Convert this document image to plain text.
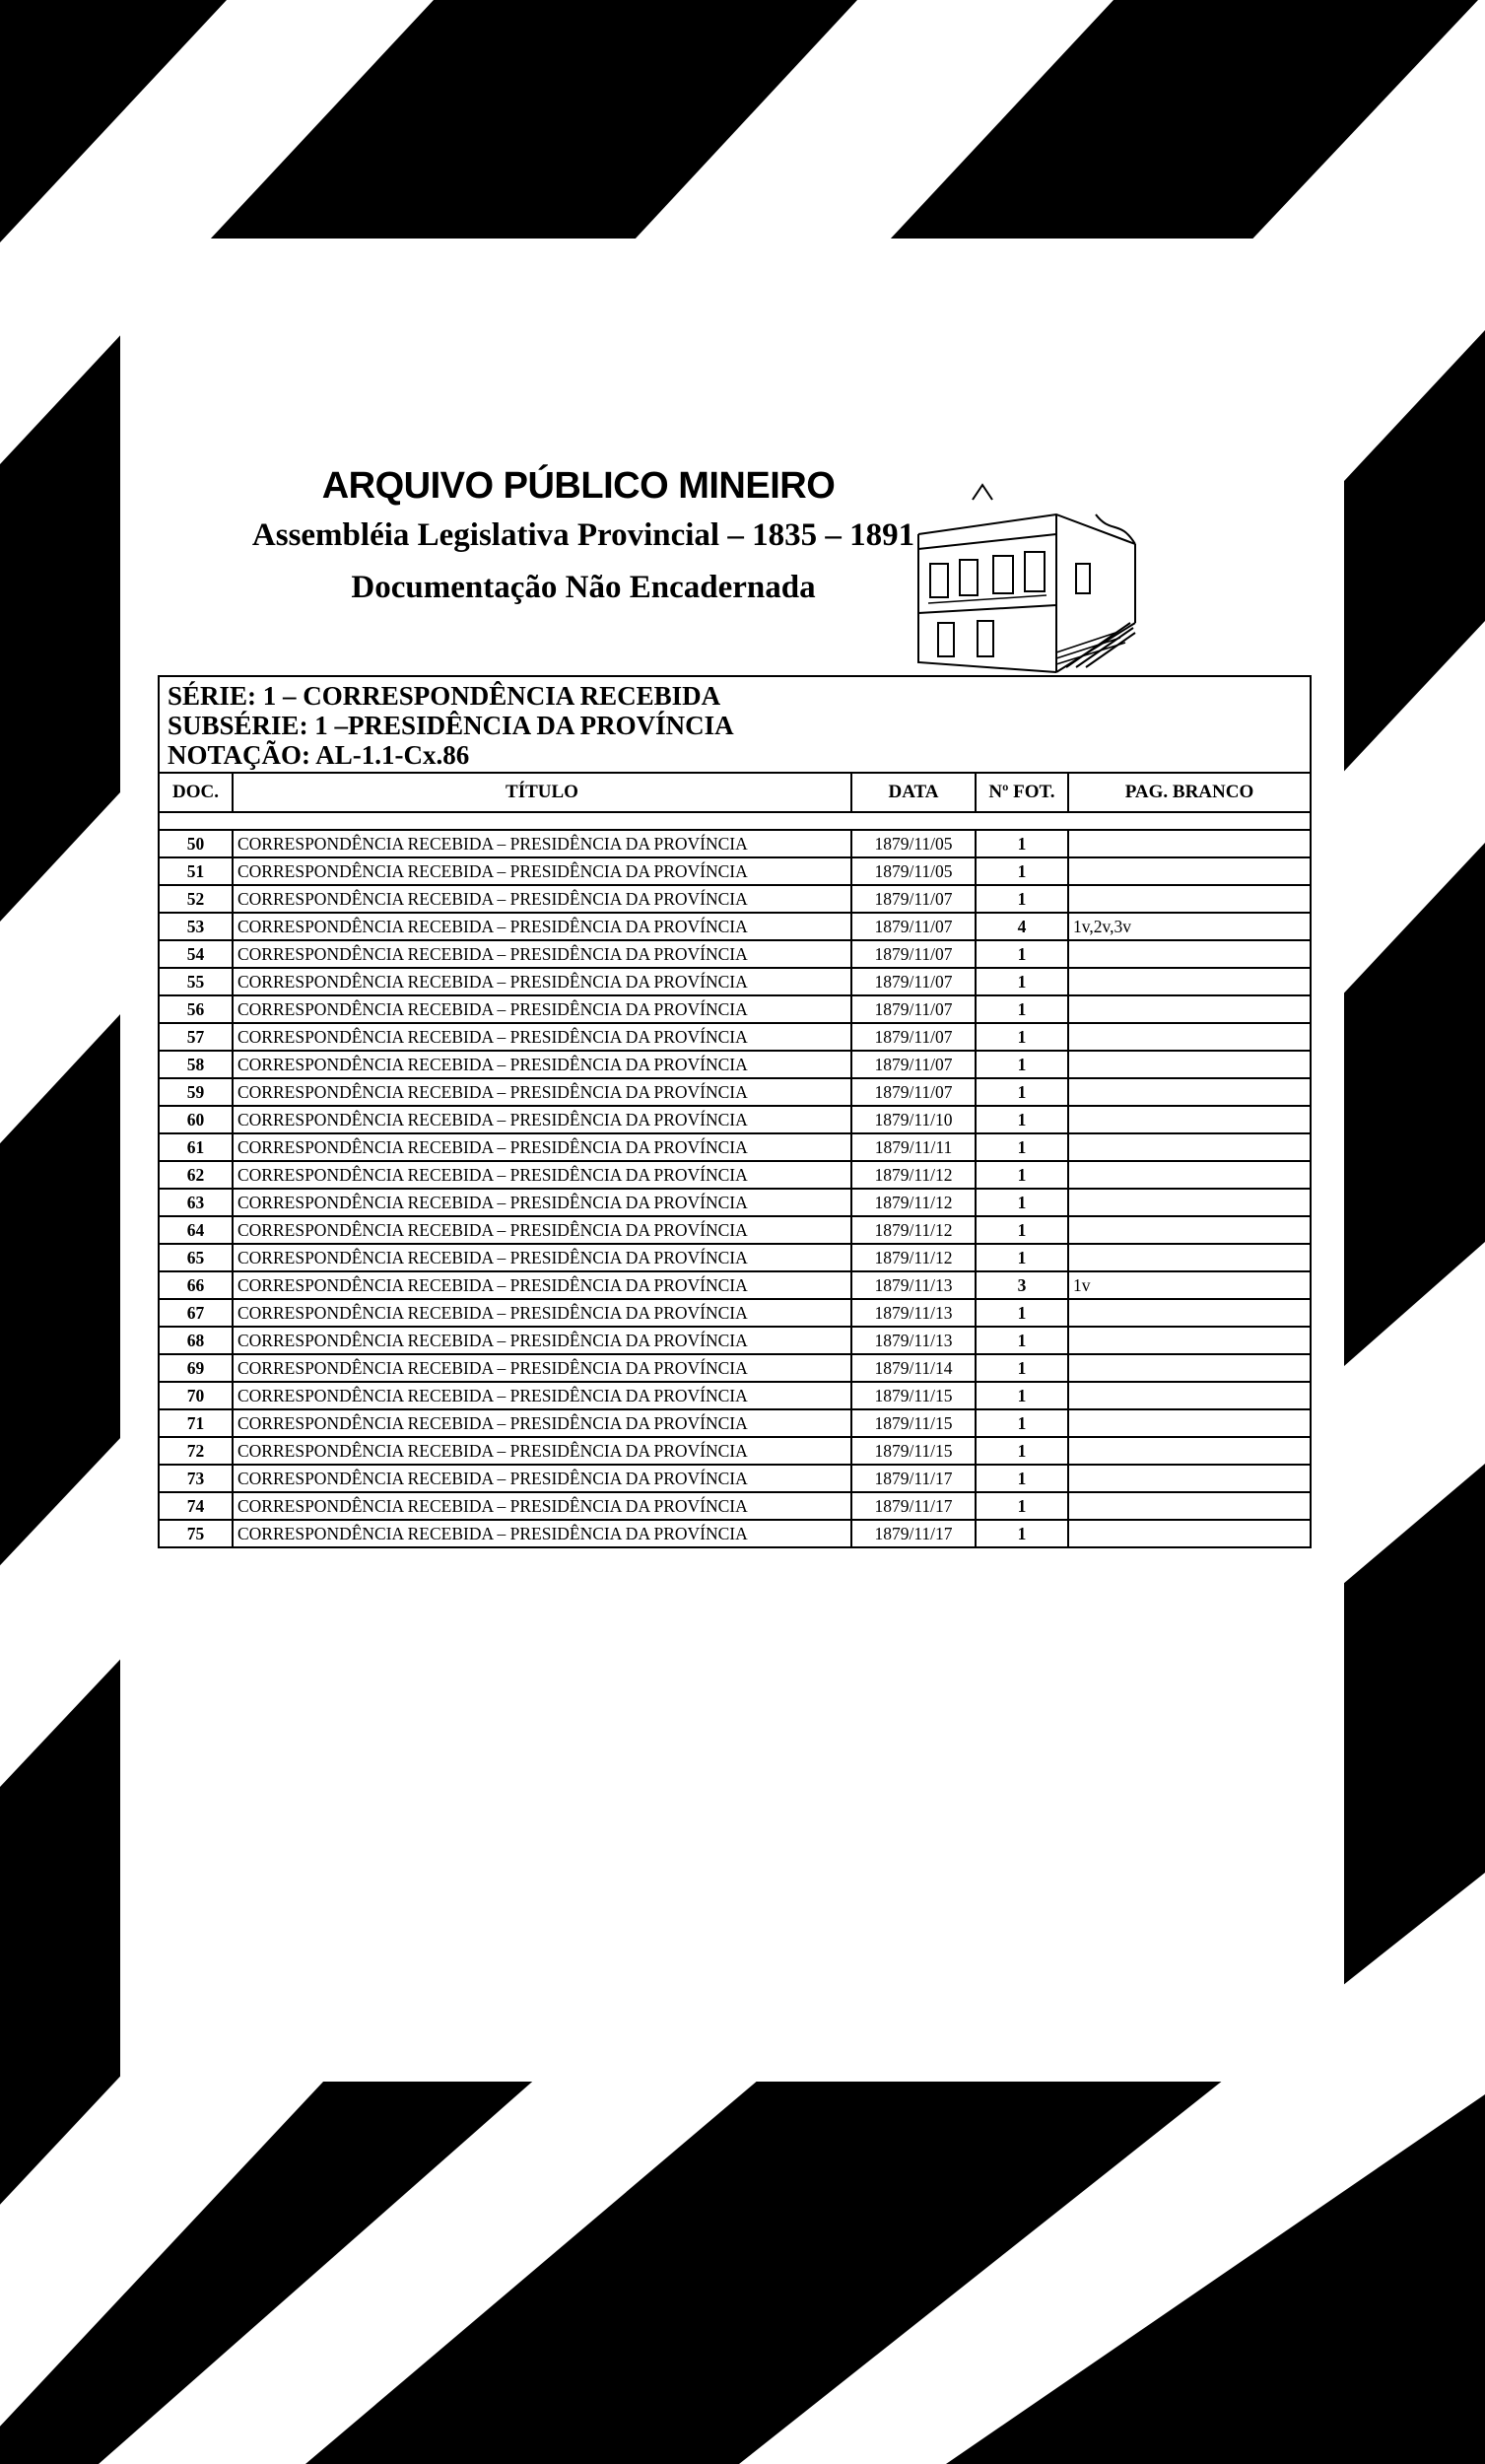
ARQUIVO PÚBLICO MINEIRO
Assembléia Legislativa Provincial – 1835 – 1891
Documentação Não Encadernada
SÉRIE: 1 – CORRESPONDÊNCIA RECEBIDA
SUBSÉRIE: 1 –PRESIDÊNCIA DA PROVÍNCIA
NOTAÇÃO: AL-1.1-Cx.86
DOC.	TÍTULO	DATA	Nº FOT.	PAG. BRANCO

50	CORRESPONDÊNCIA RECEBIDA – PRESIDÊNCIA DA PROVÍNCIA	1879/11/05	1	
51	CORRESPONDÊNCIA RECEBIDA – PRESIDÊNCIA DA PROVÍNCIA	1879/11/05	1	
52	CORRESPONDÊNCIA RECEBIDA – PRESIDÊNCIA DA PROVÍNCIA	1879/11/07	1	
53	CORRESPONDÊNCIA RECEBIDA – PRESIDÊNCIA DA PROVÍNCIA	1879/11/07	4	1v,2v,3v
54	CORRESPONDÊNCIA RECEBIDA – PRESIDÊNCIA DA PROVÍNCIA	1879/11/07	1	
55	CORRESPONDÊNCIA RECEBIDA – PRESIDÊNCIA DA PROVÍNCIA	1879/11/07	1	
56	CORRESPONDÊNCIA RECEBIDA – PRESIDÊNCIA DA PROVÍNCIA	1879/11/07	1	
57	CORRESPONDÊNCIA RECEBIDA – PRESIDÊNCIA DA PROVÍNCIA	1879/11/07	1	
58	CORRESPONDÊNCIA RECEBIDA – PRESIDÊNCIA DA PROVÍNCIA	1879/11/07	1	
59	CORRESPONDÊNCIA RECEBIDA – PRESIDÊNCIA DA PROVÍNCIA	1879/11/07	1	
60	CORRESPONDÊNCIA RECEBIDA – PRESIDÊNCIA DA PROVÍNCIA	1879/11/10	1	
61	CORRESPONDÊNCIA RECEBIDA – PRESIDÊNCIA DA PROVÍNCIA	1879/11/11	1	
62	CORRESPONDÊNCIA RECEBIDA – PRESIDÊNCIA DA PROVÍNCIA	1879/11/12	1	
63	CORRESPONDÊNCIA RECEBIDA – PRESIDÊNCIA DA PROVÍNCIA	1879/11/12	1	
64	CORRESPONDÊNCIA RECEBIDA – PRESIDÊNCIA DA PROVÍNCIA	1879/11/12	1	
65	CORRESPONDÊNCIA RECEBIDA – PRESIDÊNCIA DA PROVÍNCIA	1879/11/12	1	
66	CORRESPONDÊNCIA RECEBIDA – PRESIDÊNCIA DA PROVÍNCIA	1879/11/13	3	1v
67	CORRESPONDÊNCIA RECEBIDA – PRESIDÊNCIA DA PROVÍNCIA	1879/11/13	1	
68	CORRESPONDÊNCIA RECEBIDA – PRESIDÊNCIA DA PROVÍNCIA	1879/11/13	1	
69	CORRESPONDÊNCIA RECEBIDA – PRESIDÊNCIA DA PROVÍNCIA	1879/11/14	1	
70	CORRESPONDÊNCIA RECEBIDA – PRESIDÊNCIA DA PROVÍNCIA	1879/11/15	1	
71	CORRESPONDÊNCIA RECEBIDA – PRESIDÊNCIA DA PROVÍNCIA	1879/11/15	1	
72	CORRESPONDÊNCIA RECEBIDA – PRESIDÊNCIA DA PROVÍNCIA	1879/11/15	1	
73	CORRESPONDÊNCIA RECEBIDA – PRESIDÊNCIA DA PROVÍNCIA	1879/11/17	1	
74	CORRESPONDÊNCIA RECEBIDA – PRESIDÊNCIA DA PROVÍNCIA	1879/11/17	1	
75	CORRESPONDÊNCIA RECEBIDA – PRESIDÊNCIA DA PROVÍNCIA	1879/11/17	1	
